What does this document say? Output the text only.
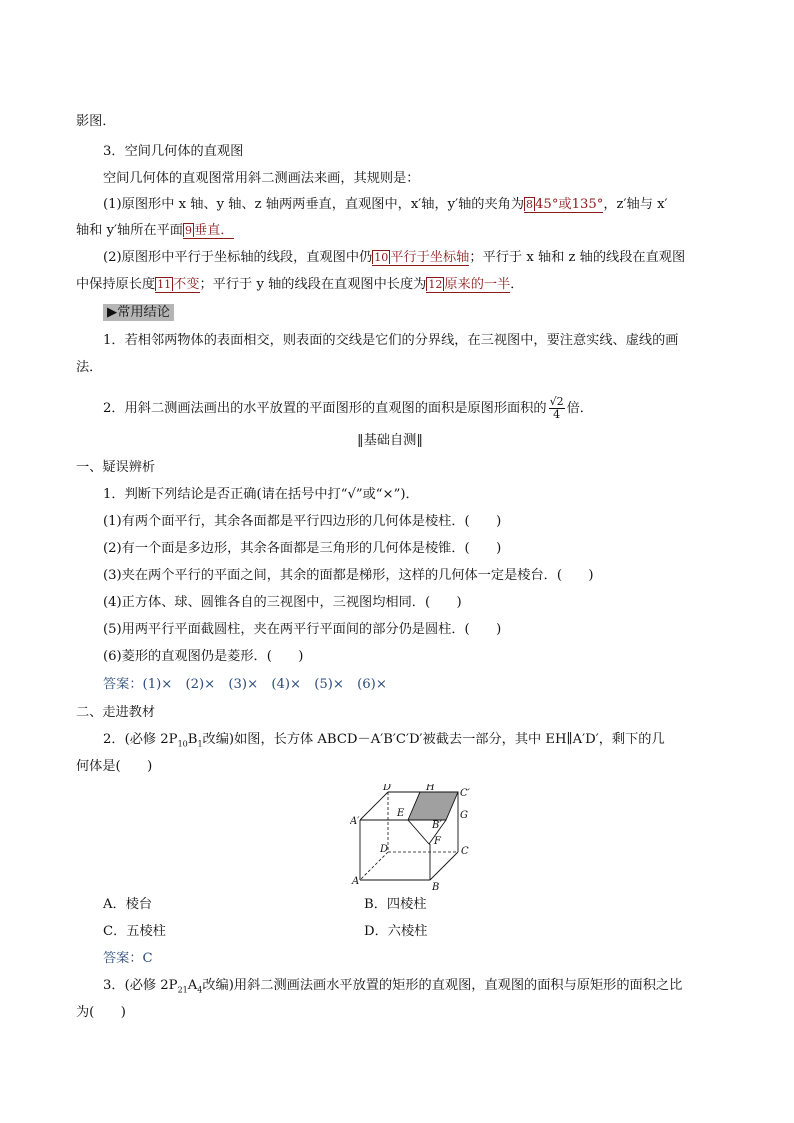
影图．
3．空间几何体的直观图
空间几何体的直观图常用斜二测画法来画，其规则是：
(1)原图形中 x 轴、y 轴、z 轴两两垂直，直观图中，x′轴，y′轴的夹角为 8 45°或135°，z′轴与 x′
轴和 y′轴所在平面 9 垂直．
(2)原图形中平行于坐标轴的线段，直观图中仍 10 平行于坐标轴；平行于 x 轴和 z 轴的线段在直观图
中保持原长度 11 不变；平行于 y 轴的线段在直观图中长度为 12 原来的一半．
▶常用结论
1．若相邻两物体的表面相交，则表面的交线是它们的分界线，在三视图中，要注意实线、虚线的画
法．
2．用斜二测画法画出的水平放置的平面图形的直观图的面积是原图形面积的 $\frac{√2}{4}$ 倍．
‖基础自测‖
一、疑误辨析
1．判断下列结论是否正确(请在括号中打“√”或“×”)．
(1)有两个面平行，其余各面都是平行四边形的几何体是棱柱．(　　)
(2)有一个面是多边形，其余各面都是三角形的几何体是棱锥．(　　)
(3)夹在两个平行的平面之间，其余的面都是梯形，这样的几何体一定是棱台．(　　)
(4)正方体、球、圆锥各自的三视图中，三视图均相同．(　　)
(5)用两平行平面截圆柱，夹在两平行平面间的部分仍是圆柱．(　　)
(6)菱形的直观图仍是菱形．(　　)
答案：(1)×　(2)×　(3)×　(4)×　(5)×　(6)×
二、走进教材
2．(必修 $2P_{10}B_1$改编)如图，长方体 ABCD－A′B′C′D′被截去一部分，其中 EH∥A′D′，剩下的几
何体是(　　)
D′	H
C′
A′
E
B′
G
D
F
C
A
B
A．棱台	B．四棱柱
C．五棱柱	D．六棱柱
答案：C
3．(必修 $2P_{21}A_4$改编)用斜二测画法画水平放置的矩形的直观图，直观图的面积与原矩形的面积之比
为(　　)
